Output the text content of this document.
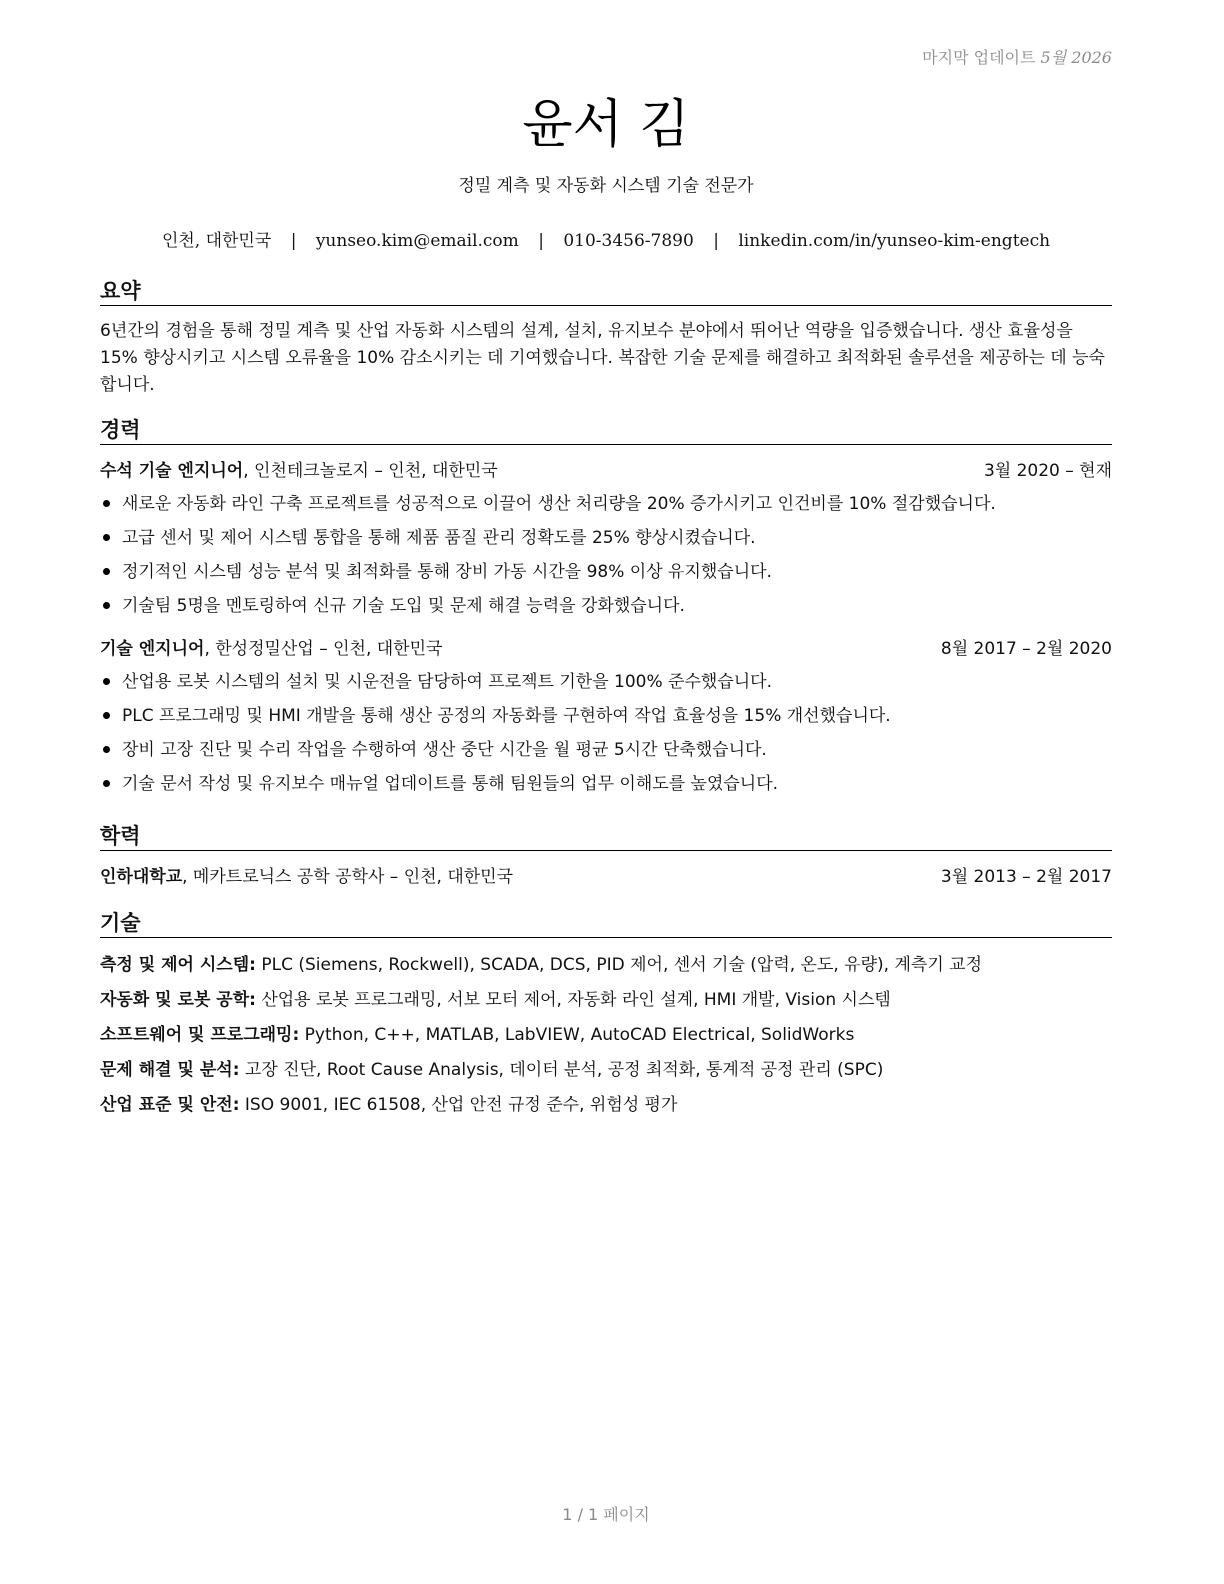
마지막 업데이트 5월 2026
윤서 김
정밀 계측 및 자동화 시스템 기술 전문가
인천, 대한민국 | yunseo.kim@email.com | 010-3456-7890 | linkedin.com/in/yunseo-kim-engtech
요약
6년간의 경험을 통해 정밀 계측 및 산업 자동화 시스템의 설계, 설치, 유지보수 분야에서 뛰어난 역량을 입증했습니다. 생산 효율성을 15% 향상시키고 시스템 오류율을 10% 감소시키는 데 기여했습니다. 복잡한 기술 문제를 해결하고 최적화된 솔루션을 제공하는 데 능숙합니다.
경력
수석 기술 엔지니어, 인천테크놀로지 – 인천, 대한민국	3월 2020 – 현재
새로운 자동화 라인 구축 프로젝트를 성공적으로 이끌어 생산 처리량을 20% 증가시키고 인건비를 10% 절감했습니다.
고급 센서 및 제어 시스템 통합을 통해 제품 품질 관리 정확도를 25% 향상시켰습니다.
정기적인 시스템 성능 분석 및 최적화를 통해 장비 가동 시간을 98% 이상 유지했습니다.
기술팀 5명을 멘토링하여 신규 기술 도입 및 문제 해결 능력을 강화했습니다.
기술 엔지니어, 한성정밀산업 – 인천, 대한민국	8월 2017 – 2월 2020
산업용 로봇 시스템의 설치 및 시운전을 담당하여 프로젝트 기한을 100% 준수했습니다.
PLC 프로그래밍 및 HMI 개발을 통해 생산 공정의 자동화를 구현하여 작업 효율성을 15% 개선했습니다.
장비 고장 진단 및 수리 작업을 수행하여 생산 중단 시간을 월 평균 5시간 단축했습니다.
기술 문서 작성 및 유지보수 매뉴얼 업데이트를 통해 팀원들의 업무 이해도를 높였습니다.
학력
인하대학교, 메카트로닉스 공학 공학사 – 인천, 대한민국	3월 2013 – 2월 2017
기술
측정 및 제어 시스템: PLC (Siemens, Rockwell), SCADA, DCS, PID 제어, 센서 기술 (압력, 온도, 유량), 계측기 교정
자동화 및 로봇 공학: 산업용 로봇 프로그래밍, 서보 모터 제어, 자동화 라인 설계, HMI 개발, Vision 시스템
소프트웨어 및 프로그래밍: Python, C++, MATLAB, LabVIEW, AutoCAD Electrical, SolidWorks
문제 해결 및 분석: 고장 진단, Root Cause Analysis, 데이터 분석, 공정 최적화, 통계적 공정 관리 (SPC)
산업 표준 및 안전: ISO 9001, IEC 61508, 산업 안전 규정 준수, 위험성 평가
1 / 1 페이지
